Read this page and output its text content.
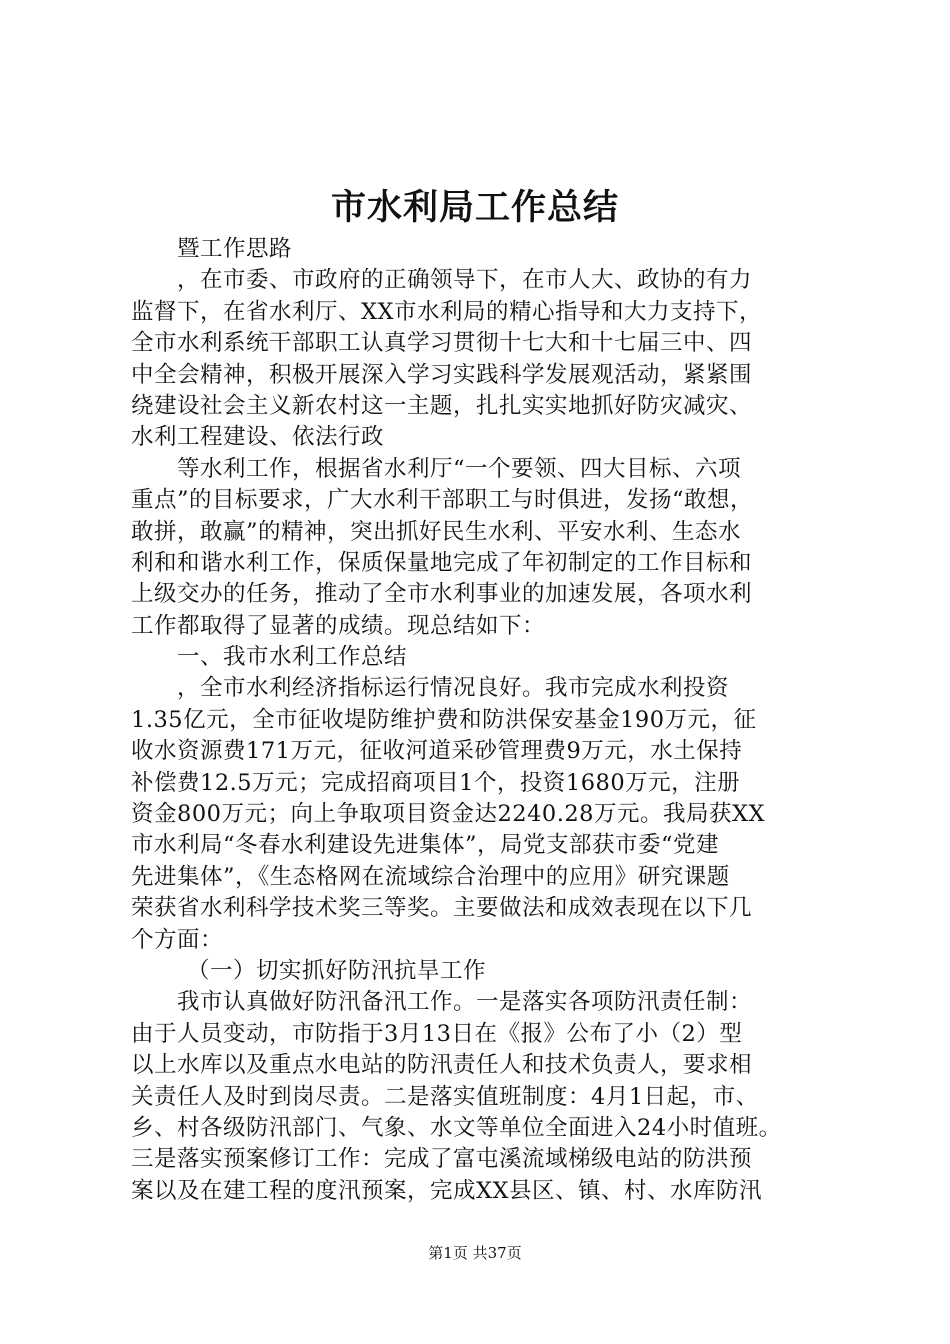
市水利局工作总结
暨工作思路
，在市委、市政府的正确领导下，在市人大、政协的有力
监督下，在省水利厅、XX市水利局的精心指导和大力支持下，
全市水利系统干部职工认真学习贯彻十七大和十七届三中、四
中全会精神，积极开展深入学习实践科学发展观活动，紧紧围
绕建设社会主义新农村这一主题，扎扎实实地抓好防灾减灾、
水利工程建设、依法行政
等水利工作，根据省水利厅“一个要领、四大目标、六项
重点”的目标要求，广大水利干部职工与时俱进，发扬“敢想，
敢拼，敢赢”的精神，突出抓好民生水利、平安水利、生态水
利和和谐水利工作，保质保量地完成了年初制定的工作目标和
上级交办的任务，推动了全市水利事业的加速发展，各项水利
工作都取得了显著的成绩。现总结如下：
一、我市水利工作总结
，全市水利经济指标运行情况良好。我市完成水利投资
1.35亿元，全市征收堤防维护费和防洪保安基金190万元，征
收水资源费171万元，征收河道采砂管理费9万元，水土保持
补偿费12.5万元；完成招商项目1个，投资1680万元，注册
资金800万元；向上争取项目资金达2240.28万元。我局获XX
市水利局“冬春水利建设先进集体”，局党支部获市委“党建
先进集体”，《生态格网在流域综合治理中的应用》研究课题
荣获省水利科学技术奖三等奖。主要做法和成效表现在以下几
个方面：
（一）切实抓好防汛抗旱工作
我市认真做好防汛备汛工作。一是落实各项防汛责任制：
由于人员变动，市防指于3月13日在《报》公布了小（2）型
以上水库以及重点水电站的防汛责任人和技术负责人，要求相
关责任人及时到岗尽责。二是落实值班制度：4月1日起，市、
乡、村各级防汛部门、气象、水文等单位全面进入24小时值班。
三是落实预案修订工作：完成了富屯溪流域梯级电站的防洪预
案以及在建工程的度汛预案，完成XX县区、镇、村、水库防汛
第1页 共37页
